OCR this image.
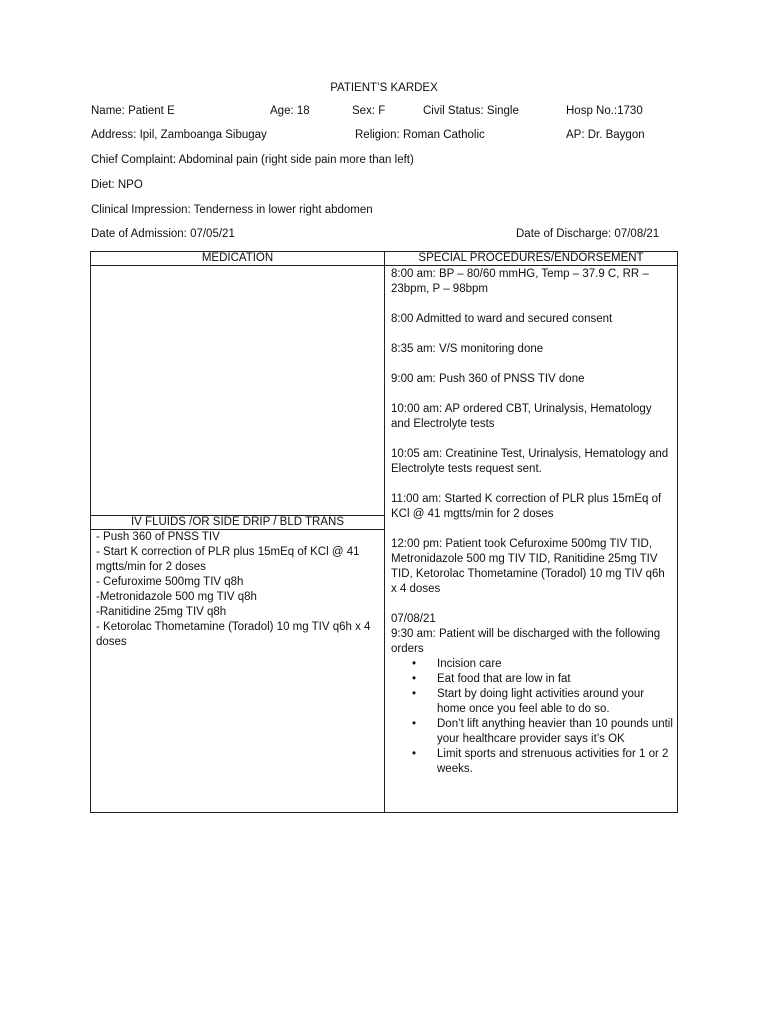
PATIENT’S KARDEX
Name: Patient E	Age: 18	Sex: F	Civil Status: Single	Hosp No.:1730
Address: Ipil, Zamboanga Sibugay	Religion: Roman Catholic	AP: Dr. Baygon
Chief Complaint: Abdominal pain (right side pain more than left)
Diet: NPO
Clinical Impression: Tenderness in lower right abdomen
Date of Admission: 07/05/21	Date of Discharge: 07/08/21
MEDICATION	SPECIAL PROCEDURES/ENDORSEMENT
IV FLUIDS /OR SIDE DRIP / BLD TRANS
- Push 360 of PNSS TIV
- Start K correction of PLR plus 15mEq of KCl @ 41 mgtts/min for 2 doses
- Cefuroxime 500mg TIV q8h
-Metronidazole 500 mg TIV q8h
-Ranitidine 25mg TIV q8h
- Ketorolac Thometamine (Toradol) 10 mg TIV q6h x 4 doses
8:00 am: BP – 80/60 mmHG, Temp – 37.9 C, RR – 23bpm, P – 98bpm
8:00 Admitted to ward and secured consent
8:35 am: V/S monitoring done
9:00 am: Push 360 of PNSS TIV done
10:00 am: AP ordered CBT, Urinalysis, Hematology and Electrolyte tests
10:05 am: Creatinine Test, Urinalysis, Hematology and Electrolyte tests request sent.
11:00 am: Started K correction of PLR plus 15mEq of KCl @ 41 mgtts/min for 2 doses
12:00 pm: Patient took Cefuroxime 500mg TIV TID, Metronidazole 500 mg TIV TID, Ranitidine 25mg TIV TID, Ketorolac Thometamine (Toradol) 10 mg TIV q6h x 4 doses
07/08/21
9:30 am: Patient will be discharged with the following orders
• Incision care
• Eat food that are low in fat
• Start by doing light activities around your home once you feel able to do so.
• Don’t lift anything heavier than 10 pounds until your healthcare provider says it’s OK
• Limit sports and strenuous activities for 1 or 2 weeks.
